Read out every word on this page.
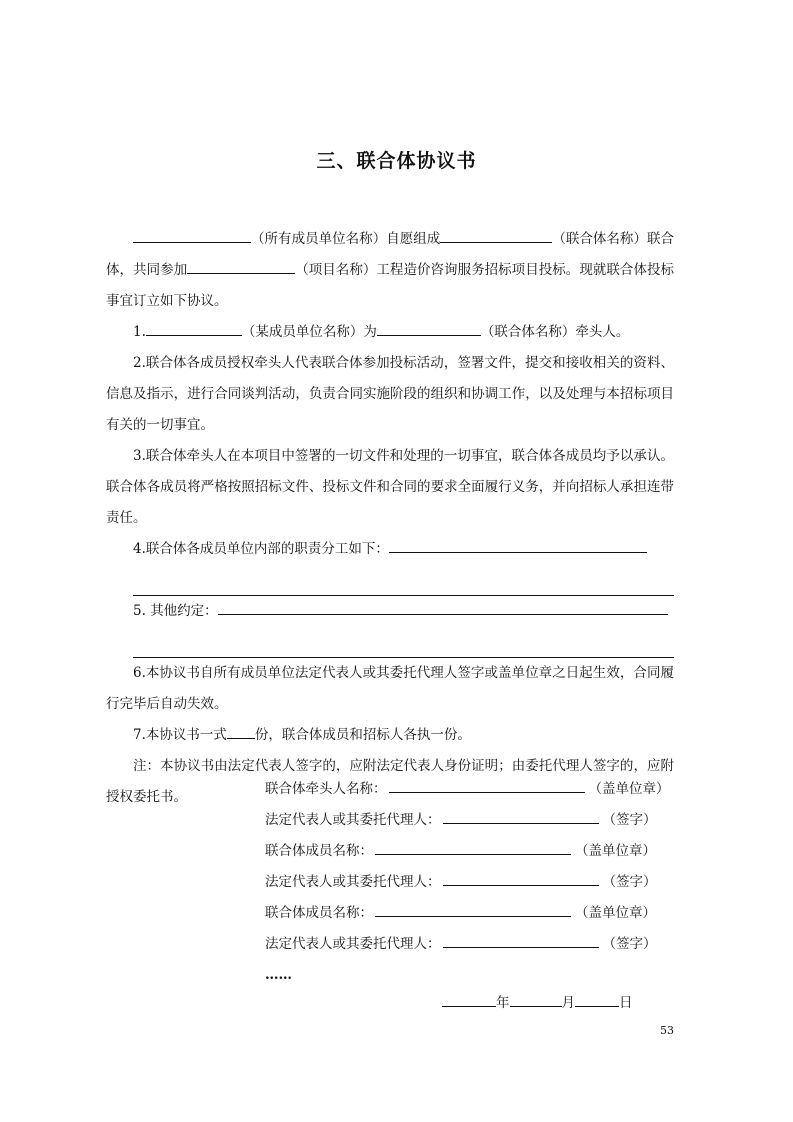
三、联合体协议书

（所有成员单位名称）自愿组成	（联合体名称）联合体，共同参加	（项目名称）工程造价咨询服务招标项目投标。现就联合体投标事宜订立如下协议。

1.	（某成员单位名称）为	（联合体名称）牵头人。

2.联合体各成员授权牵头人代表联合体参加投标活动，签署文件，提交和接收相关的资料、信息及指示，进行合同谈判活动，负责合同实施阶段的组织和协调工作，以及处理与本招标项目有关的一切事宜。

3.联合体牵头人在本项目中签署的一切文件和处理的一切事宜，联合体各成员均予以承认。联合体各成员将严格按照招标文件、投标文件和合同的要求全面履行义务，并向招标人承担连带责任。

4.联合体各成员单位内部的职责分工如下：

5. 其他约定：

6.本协议书自所有成员单位法定代表人或其委托代理人签字或盖单位章之日起生效，合同履行完毕后自动失效。

7.本协议书一式 份，联合体成员和招标人各执一份。

注：本协议书由法定代表人签字的，应附法定代表人身份证明；由委托代理人签字的，应附授权委托书。	联合体牵头人名称：	（盖单位章）
法定代表人或其委托代理人：	（签字）
联合体成员名称：	（盖单位章）
法定代表人或其委托代理人：	（签字）
联合体成员名称：	（盖单位章）
法定代表人或其委托代理人：	（签字）
……
年	月	日
53
